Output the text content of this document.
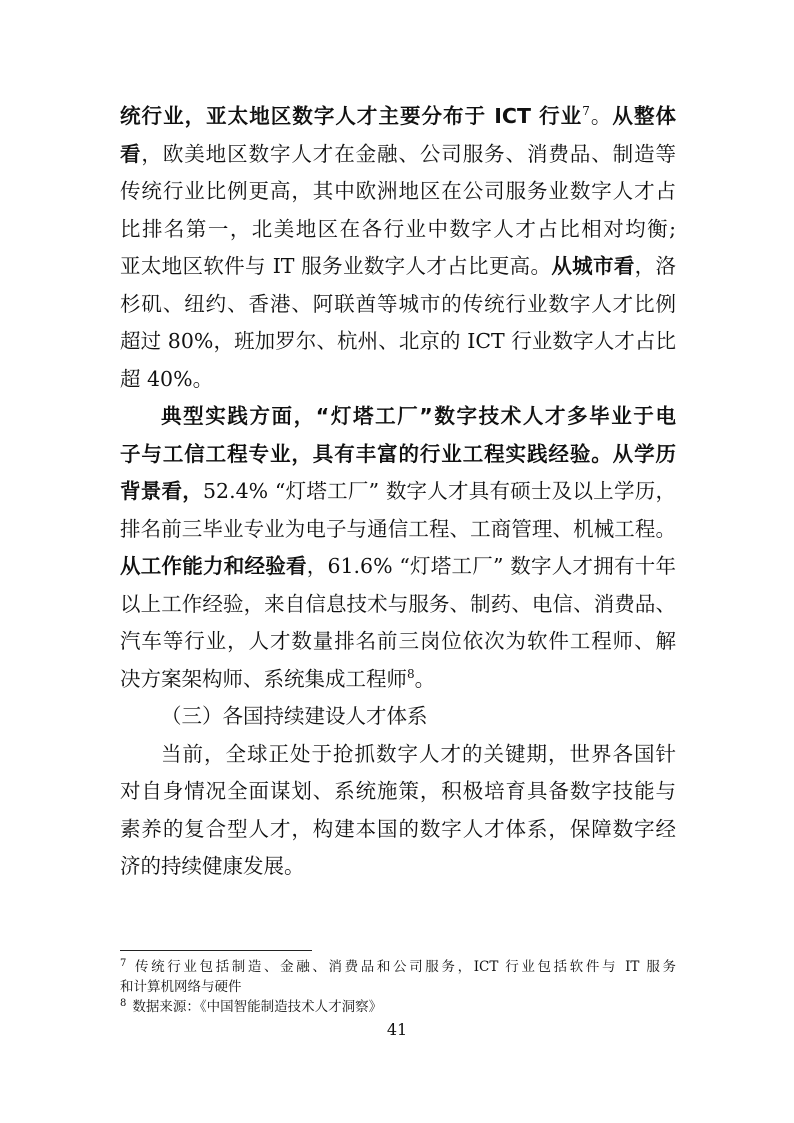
统行业，亚太地区数字人才主要分布于 ICT 行业$^7$。从整体
看，欧美地区数字人才在金融、公司服务、消费品、制造等
传统行业比例更高，其中欧洲地区在公司服务业数字人才占
比排名第一，北美地区在各行业中数字人才占比相对均衡;
亚太地区软件与 IT 服务业数字人才占比更高。从城市看，洛
杉矶、纽约、香港、阿联酋等城市的传统行业数字人才比例
超过 80%，班加罗尔、杭州、北京的 ICT 行业数字人才占比
超 40%。
典型实践方面，“灯塔工厂”数字技术人才多毕业于电
子与工信工程专业，具有丰富的行业工程实践经验。从学历
背景看，52.4% “灯塔工厂” 数字人才具有硕士及以上学历，
排名前三毕业专业为电子与通信工程、工商管理、机械工程。
从工作能力和经验看，61.6% “灯塔工厂” 数字人才拥有十年
以上工作经验，来自信息技术与服务、制药、电信、消费品、
汽车等行业，人才数量排名前三岗位依次为软件工程师、解
决方案架构师、系统集成工程师$^8$。
（三）各国持续建设人才体系
当前，全球正处于抢抓数字人才的关键期，世界各国针
对自身情况全面谋划、系统施策，积极培育具备数字技能与
素养的复合型人才，构建本国的数字人才体系，保障数字经
济的持续健康发展。
$^7$ 传统行业包括制造、金融、消费品和公司服务，ICT 行业包括软件与 IT 服务
和计算机网络与硬件
$^8$ 数据来源：《中国智能制造技术人才洞察》
41
